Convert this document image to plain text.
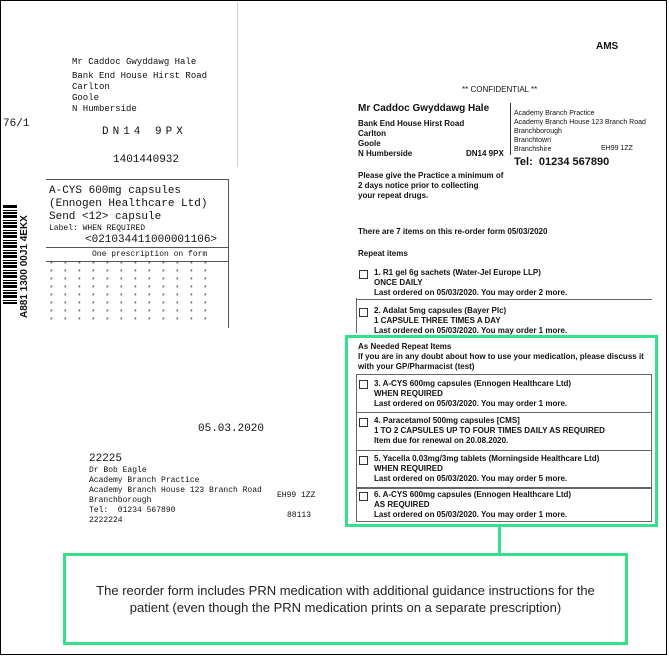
Mr Caddoc Gwyddawg Hale
Bank End House Hirst Road
Carlton
Goole
N Humberside
76/1
DN14 9PX
1401440932
A-CYS 600mg capsules
(Ennogen Healthcare Ltd)
Send <12> capsule
Label: WHEN REQUIRED
<021034411000001106>
One prescription on form
* * * * * * * * * * * *
* * * * * * * * * * * *
* * * * * * * * * * * *
* * * * * * * * * * * *
* * * * * * * * * * * *
* * * * * * * * * * * *
* * * * * * * * * * * *
* * * * * * * * * * * *
A881 1300 00J1 4EKX
05.03.2020
22225
Dr Bob Eagle
Academy Branch Practice
Academy Branch House 123 Branch Road
Branchborough
Tel:  01234 567890
2222224
EH99 1ZZ
88113
AMS
** CONFIDENTIAL **
Mr Caddoc Gwyddawg Hale
Bank End House Hirst Road
Carlton
Goole
N Humberside	DN14 9PX
Academy Branch Practice
Academy Branch House 123 Branch Road
Branchborough
Branchtown
Branchshire	EH99 1ZZ
Tel:  01234 567890
Please give the Practice a minimum of
2 days notice prior to collecting
your repeat drugs.
There are 7 items on this re-order form 05/03/2020
Repeat items
1. R1 gel 6g sachets (Water-Jel Europe LLP)
ONCE DAILY
Last ordered on 05/03/2020. You may order 2 more.
2. Adalat 5mg capsules (Bayer Plc)
1 CAPSULE THREE TIMES A DAY
Last ordered on 05/03/2020. You may order 1 more.
As Needed Repeat Items
If you are in any doubt about how to use your medication, please discuss it
with your GP/Pharmacist (test)
3. A-CYS 600mg capsules (Ennogen Healthcare Ltd)
WHEN REQUIRED
Last ordered on 05/03/2020. You may order 1 more.
4. Paracetamol 500mg capsules [CMS]
1 TO 2 CAPSULES UP TO FOUR TIMES DAILY AS REQUIRED
Item due for renewal on 20.08.2020.
5. Yacella 0.03mg/3mg tablets (Morningside Healthcare Ltd)
WHEN REQUIRED
Last ordered on 05/03/2020. You may order 5 more.
6. A-CYS 600mg capsules (Ennogen Healthcare Ltd)
AS REQUIRED
Last ordered on 05/03/2020. You may order 1 more.
The reorder form includes PRN medication with additional guidance instructions for the patient (even though the PRN medication prints on a separate prescription)
